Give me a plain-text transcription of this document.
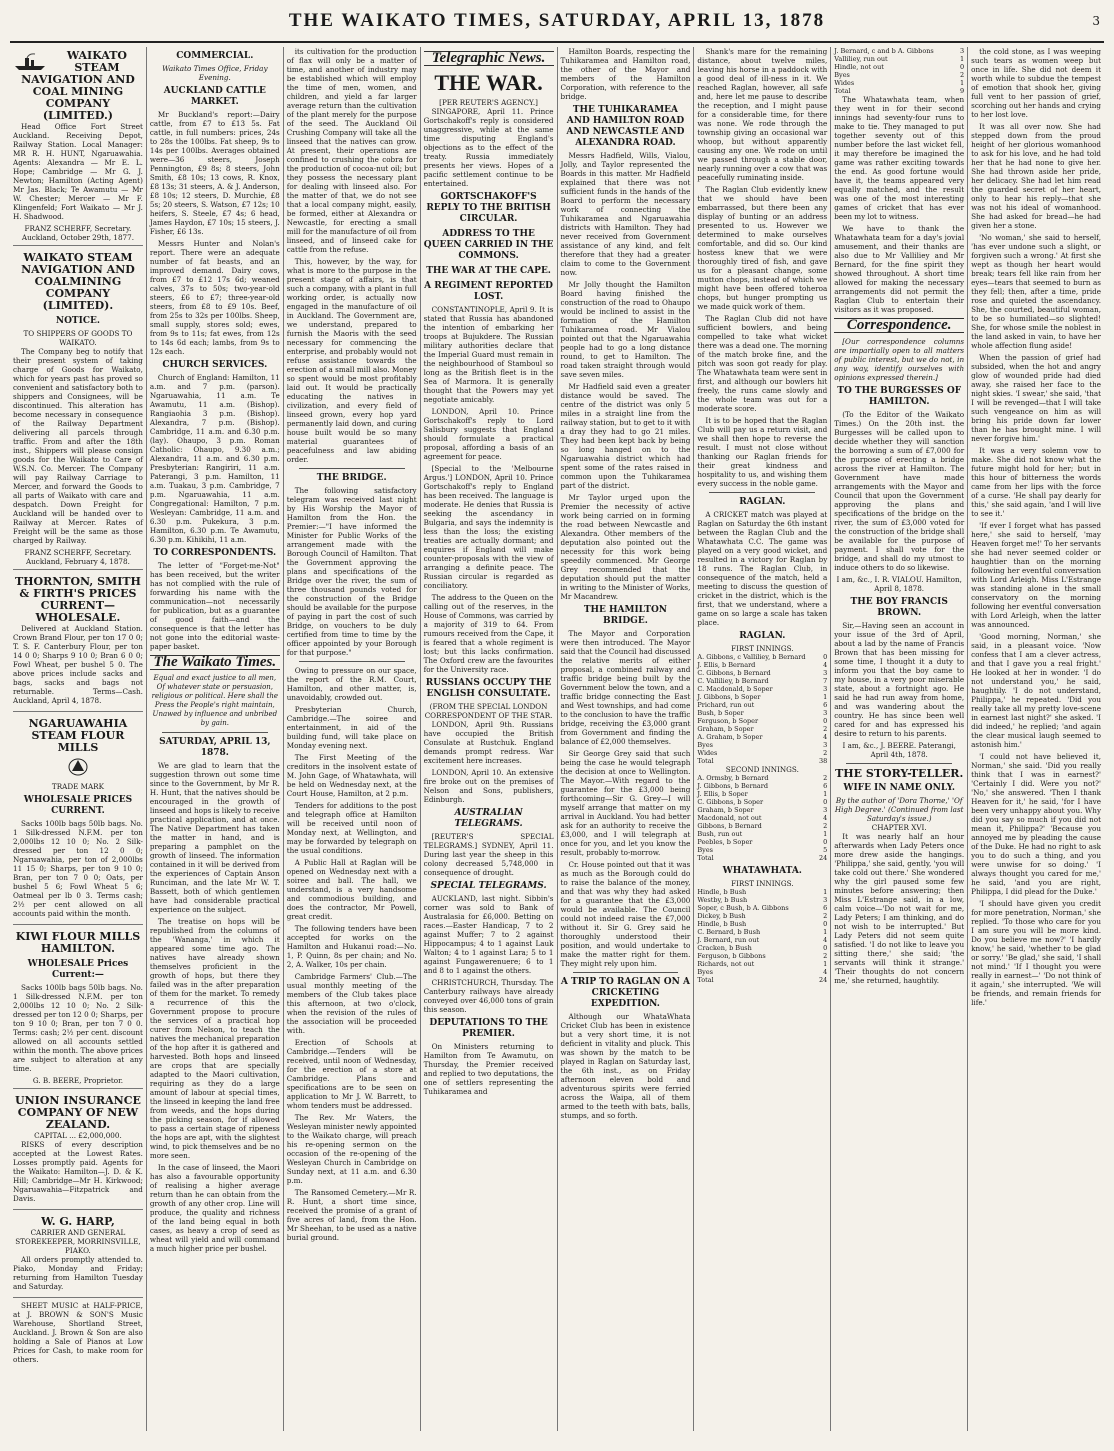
THE WAIKATO TIMES, SATURDAY, APRIL 13, 1878	3
WAIKATO STEAM NAVIGATION AND COAL MINING COMPANY (LIMITED.)

Head Office Fort Street Auckland. Receiving Depot, Railway Station. Local Manager: MR R. H. HUNT, Ngaruawahia. Agents: Alexandra — Mr E. L. Hope; Cambridge — Mr G. J. Newton; Hamilton (Acting Agent) Mr Jas. Black; Te Awamutu — Mr W. Chester; Mercer — Mr F. Klingenfeld; Fort Waikato — Mr J. H. Shadwood.

FRANZ SCHERFF, Secretary. Auckland, October 29th, 1877.
WAIKATO STEAM NAVIGATION AND COALMINING COMPANY (LIMITED).
NOTICE.
TO SHIPPERS OF GOODS TO WAIKATO.

The Company beg to notify that their present system of taking charge of Goods for Waikato, which for years past has proved so convenient and satisfactory both to shippers and Consignees, will be discontinued. This alteration has become necessary in consequence of the Railway Department delivering all parcels through traffic. From and after the 18th inst., Shippers will please consign goods for the Waikato to Care of W.S.N. Co. Mercer. The Company will pay Railway Carriage to Mercer, and forward the Goods to all parts of Waikato with care and despatch. Down Freight for Auckland will be handed over to Railway at Mercer. Rates of Freight will be the same as those charged by Railway.

FRANZ SCHERFF, Secretary. Auckland, February 4, 1878.
THORNTON, SMITH & FIRTH'S PRICES CURRENT—WHOLESALE.

Delivered at Auckland Station. Crown Brand Flour, per ton 17 0 0; T. S. F. Canterbury Flour, per ton 14 0 0; Sharps 9 10 0; Bran 6 0 0; Fowl Wheat, per bushel 5 0. The above prices include sacks and bags, sacks and bags not returnable. Terms—Cash. Auckland, April 4, 1878.

NGARUAWAHIA STEAM FLOUR MILLS
TRADE MARK
WHOLESALE PRICES CURRENT.

Sacks 100lb bags 50lb bags. No. 1 Silk-dressed N.F.M. per ton 2,000lbs 12 10 0; No. 2 Silk-dressed per ton 12 0 0; Ngaruawahia, per ton of 2,000lbs 11 15 0; Sharps, per ton 9 10 0; Bran, per ton 7 0 0; Oats, per bushel 5 6; Fowl Wheat 5 6; Oatmeal per lb 0 3. Terms cash; 2½ per cent allowed on all accounts paid within the month.

KIWI FLOUR MILLS HAMILTON.
WHOLESALE Prices Current:—

Sacks 100lb bags 50lb bags. No. 1 Silk-dressed N.F.M. per ton 2,000lbs 12 10 0; No. 2 Silk-dressed per ton 12 0 0; Sharps, per ton 9 10 0; Bran, per ton 7 0 0. Terms: cash; 2½ per cent. discount allowed on all accounts settled within the month. The above prices are subject to alteration at any time.

G. B. BEERE, Proprietor.
UNION INSURANCE COMPANY OF NEW ZEALAND.
CAPITAL ... £2,000,000.

RISKS of every description accepted at the Lowest Rates. Losses promptly paid. Agents for the Waikato: Hamilton—J. D. & K. Hill; Cambridge—Mr H. Kirkwood; Ngaruawahia—Fitzpatrick and Davis.

W. G. HARP,
CARRIER AND GENERAL STOREKEEPER, MORRINSVILLE, PIAKO.

All orders promptly attended to. Piako, Monday and Friday; returning from Hamilton Tuesday and Saturday.

SHEET MUSIC at HALF-PRICE, at J. BROWN & SON'S Music Warehouse, Shortland Street, Auckland. J. Brown & Son are also holding a Sale of Pianos at Low Prices for Cash, to make room for others.

COMMERCIAL.
Waikato Times Office, Friday Evening.
AUCKLAND CATTLE MARKET.

Mr Buckland's report:—Dairy cattle, from £7 to £13 5s. Fat cattle, in full numbers: prices, 24s to 28s the 100lbs. Fat sheep, 9s to 14s per 100lbs. Averages obtained were—36 steers, Joseph Pennington, £9 8s; 8 steers, John Smith, £8 10s; 13 cows, R. Knox, £8 13s; 31 steers, A. & J. Anderson, £8 10s; 12 steers, D. Murchie, £8 5s; 20 steers, S. Watson, £7 12s; 10 heifers, S. Steele, £7 4s; 6 head, James Haydon, £7 10s; 15 steers, J. Fisher, £6 13s.

Messrs Hunter and Nolan's report. There were an adequate number of fat beasts, and an improved demand. Dairy cows, from £7 to £12 17s 6d; weaned calves, 37s to 50s; two-year-old steers, £6 to £7; three-year-old steers, from £8 to £9 10s. Beef, from 25s to 32s per 100lbs. Sheep, small supply, stores sold; ewes, from 9s to 11s; fat ewes, from 12s to 14s 6d each; lambs, from 9s to 12s each.

CHURCH SERVICES.

Church of England: Hamilton, 11 a.m. and 7 p.m. (parson). Ngaruawahia, 11 a.m. Te Awamutu, 11 a.m. (Bishop). Rangiaohia 3 p.m. (Bishop). Alexandra, 7 p.m. (Bishop). Cambridge, 11 a.m. and 6.30 p.m. (lay). Ohaupo, 3 p.m. Roman Catholic: Ohaupo, 9.30 a.m.; Alexandra, 11 a.m. and 6.30 p.m. Presbyterian: Rangiriri, 11 a.m. Paterangi, 3 p.m. Hamilton, 11 a.m. Tuakau, 3 p.m. Cambridge, 7 p.m. Ngaruawahia, 11 a.m. Congregational: Hamilton, 7 p.m. Wesleyan: Cambridge, 11 a.m. and 6.30 p.m. Pukekura, 3 p.m. Hamilton, 6.30 p.m. Te Awamutu, 6.30 p.m. Kihikihi, 11 a.m.

TO CORRESPONDENTS.

The letter of "Forget-me-Not" has been received, but the writer has not complied with the rule of forwarding his name with the communication—not necessarily for publication, but as a guarantee of good faith—and the consequence is that the letter has not gone into the editorial waste-paper basket.

The Waikato Times.
Equal and exact justice to all men, Of whatever state or persuasion, religious or political. Here shall the Press the People's right maintain, Unawed by influence and unbribed by gain.
SATURDAY, APRIL 13, 1878.

We are glad to learn that the suggestion thrown out some time since to the Government, by Mr R. H. Hunt, that the natives should be encouraged in the growth of linseed and hops is likely to receive practical application, and at once. The Native Department has taken the matter in hand, and is preparing a pamphlet on the growth of linseed. The information contained in it will be derived from the experiences of Captain Anson Runciman, and the late Mr W. T. Bassett, both of which gentlemen have had considerable practical experience on the subject.

The treatise on hops will be republished from the columns of the 'Wananga,' in which it appeared some time ago. The natives have already shown themselves proficient in the growth of hops, but there they failed was in the after preparation of them for the market. To remedy a recurrence of this the Government propose to procure the services of a practical hop curer from Nelson, to teach the natives the mechanical preparation of the hop after it is gathered and harvested. Both hops and linseed are crops that are specially adapted to the Maori cultivation, requiring as they do a large amount of labour at special times, the linseed in keeping the land free from weeds, and the hops during the picking season, for if allowed to pass a certain stage of ripeness the hops are apt, with the slightest wind, to pick themselves and be no more seen.

In the case of linseed, the Maori has also a favourable opportunity of realising a higher average return than he can obtain from the growth of any other crop. Line will produce, the quality and richness of the land being equal in both cases, as heavy a crop of seed as wheat will yield and will command a much higher price per bushel.

its cultivation for the production of flax will only be a matter of time, and another of industry may be established which will employ the time of men, women, and children, and yield a far larger average return than the cultivation of the plant merely for the purpose of the seed. The Auckland Oil Crushing Company will take all the linseed that the natives can grow. At present, their operations are confined to crushing the cobra for the production of cocoa-nut oil; but they possess the necessary plant for dealing with linseed also. For the matter of that, we do not see that a local company might, easily, be formed, either at Alexandra or Newcastle, for erecting a small mill for the manufacture of oil from linseed, and of linseed cake for cattle from the refuse.

This, however, by the way, for what is more to the purpose in the present stage of affairs, is that such a company, with a plant in full working order, is actually now engaged in the manufacture of oil in Auckland. The Government are, we understand, prepared to furnish the Maoris with the seed necessary for commencing the enterprise, and probably would not refuse assistance towards the erection of a small mill also. Money so spent would be most profitably laid out. It would be practically educating the natives in civilization, and every field of linseed grown, every hop yard permanently laid down, and curing house built would be so many material guarantees of peacefulness and law abiding order.

THE BRIDGE.

The following satisfactory telegram was received last night by His Worship the Mayor of Hamilton from the Hon. the Premier:—"I have informed the Minister for Public Works of the arrangement made with the Borough Council of Hamilton. That the Government approving the plans and specifications of the Bridge over the river, the sum of three thousand pounds voted for the construction of the Bridge should be available for the purpose of paying in part the cost of such Bridge, on vouchers to be duly certified from time to time by the officer appointed by your Borough for that purpose."

Owing to pressure on our space, the report of the R.M. Court, Hamilton, and other matter, is, unavoidably, crowded out.

Presbyterian Church, Cambridge.—The soiree and entertainment, in aid of the building fund, will take place on Monday evening next.

The First Meeting of the creditors in the insolvent estate of M. John Gage, of Whatawhata, will be held on Wednesday next, at the Court House, Hamilton, at 2 p.m.

Tenders for additions to the post and telegraph office at Hamilton will be received until noon of Monday next, at Wellington, and may be forwarded by telegraph on the usual conditions.

A Public Hall at Raglan will be opened on Wednesday next with a soiree and ball. The hall, we understand, is a very handsome and commodious building, and does the contractor, Mr Powell, great credit.

The following tenders have been accepted for works on the Hamilton and Hukanui road:—No. 1, P. Quinn, 8s per chain; and No. 2, A. Walker, 10s per chain.

Cambridge Farmers' Club.—The usual monthly meeting of the members of the Club takes place this afternoon, at two o'clock, when the revision of the rules of the association will be proceeded with.

Erection of Schools at Cambridge.—Tenders will be received, until noon of Wednesday, for the erection of a store at Cambridge. Plans and specifications are to be seen on application to Mr J. W. Barrett, to whom tenders must be addressed.

The Rev. Mr Waters, the Wesleyan minister newly appointed to the Waikato charge, will preach his re-opening sermon on the occasion of the re-opening of the Wesleyan Church in Cambridge on Sunday next, at 11 a.m. and 6.30 p.m.

The Ransomed Cemetery.—Mr R. R. Hunt, a short time since, received the promise of a grant of five acres of land, from the Hon. Mr Sheehan, to be used as a native burial ground.

Telegraphic News.
THE WAR.
[PER REUTER'S AGENCY.]

SINGAPORE, April 11. Prince Gortschakoff's reply is considered unaggressive, while at the same time disputing England's objections as to the effect of the treaty. Russia immediately presents her views. Hopes of a pacific settlement continue to be entertained.

GORTSCHAKOFF'S REPLY TO THE BRITISH CIRCULAR.
ADDRESS TO THE QUEEN CARRIED IN THE COMMONS.
THE WAR AT THE CAPE.
A REGIMENT REPORTED LOST.

CONSTANTINOPLE, April 9. It is stated that Russia has abandoned the intention of embarking her troops at Bujukdere. The Russian military authorities declare that the Imperial Guard must remain in the neighbourhood of Stamboul so long as the British fleet is in the Sea of Marmora. It is generally thought that the Powers may yet negotiate amicably.

LONDON, April 10. Prince Gortschakoff's reply to Lord Salisbury suggests that England should formulate a practical proposal, affording a basis of an agreement for peace.

[Special to the 'Melbourne Argus.'] LONDON, April 10. Prince Gortschakoff's reply to England has been received. The language is moderate. He denies that Russia is seeking the ascendancy in Bulgaria, and says the indemnity is less than the loss; the existing treaties are actually dormant; and enquires if England will make counter-proposals with the view of arranging a definite peace. The Russian circular is regarded as conciliatory.

The address to the Queen on the calling out of the reserves, in the House of Commons, was carried by a majority of 319 to 64. From rumours received from the Cape, it is feared that a whole regiment is lost; but this lacks confirmation. The Oxford crew are the favourites for the University race.

RUSSIANS OCCUPY THE ENGLISH CONSULTATE.
(FROM THE SPECIAL LONDON CORRESPONDENT OF THE STAR.

LONDON, April 9th. Russians have occupied the British Consulate at Rustchuk. England demands prompt redress. War excitement here increases.

LONDON, April 10. An extensive fire broke out on the premises of Nelson and Sons, publishers, Edinburgh.

AUSTRALIAN TELEGRAMS.

[REUTER'S SPECIAL TELEGRAMS.] SYDNEY, April 11. During last year the sheep in this colony decreased 5,748,000 in consequence of drought.

SPECIAL TELEGRAMS.

AUCKLAND, last night. Sibbin's corner was sold to Bank of Australasia for £6,000. Betting on races.—Easter Handicap, 7 to 2 against Muffer; 7 to 2 against Hippocampus; 4 to 1 against Lauk Walton; 4 to 1 against Lara; 5 to 1 against Fungawerenuere; 6 to 1 and 8 to 1 against the others.

CHRISTCHURCH, Thursday. The Canterbury railways have already conveyed over 46,000 tons of grain this season.

DEPUTATIONS TO THE PREMIER.

On Ministers returning to Hamilton from Te Awamutu, on Thursday, the Premier received and replied to two deputations, the one of settlers representing the Tuhikaramea and

Hamilton Boards, respecting the Tuhikaramea and Hamilton road, the other of the Mayor and members of the Hamilton Corporation, with reference to the bridge.

THE TUHIKARAMEA AND HAMILTON ROAD AND NEWCASTLE AND ALEXANDRA ROAD.

Messrs Hadfield, Wills, Vialou, Jolly, and Taylor represented the Boards in this matter. Mr Hadfield explained that there was not sufficient funds in the hands of the Board to perform the necessary work of connecting the Tuhikaramea and Ngaruawahia districts with Hamilton. They had never received from Government assistance of any kind, and felt therefore that they had a greater claim to come to the Government now.

Mr Jolly thought the Hamilton Board having finished the construction of the road to Ohaupo would be inclined to assist in the formation of the Hamilton Tuhikaramea road. Mr Vialou pointed out that the Ngaruawahia people had to go a long distance round, to get to Hamilton. The road taken straight through would save seven miles.

Mr Hadfield said even a greater distance would be saved. The centre of the district was only 5 miles in a straight line from the railway station, but to get to it with a dray they had to go 21 miles. They had been kept back by being so long hanged on to the Ngaruawahia district which had spent some of the rates raised in common upon the Tuhikaramea part of the district.

Mr Taylor urged upon the Premier the necessity of active work being carried on in forming the road between Newcastle and Alexandra. Other members of the deputation also pointed out the necessity for this work being speedily commenced. Mr George Grey recommended that the deputation should put the matter in writing to the Minister of Works, Mr Macandrew.

THE HAMILTON BRIDGE.

The Mayor and Corporation were then introduced. The Mayor said that the Council had discussed the relative merits of either proposal, a combined railway and traffic bridge being built by the Government below the town, and a traffic bridge connecting the East and West townships, and had come to the conclusion to have the traffic bridge, receiving the £3,000 grant from Government and finding the balance of £2,000 themselves.

Sir George Grey said that such being the case he would telegraph the decision at once to Wellington. The Mayor.—With regard to the guarantee for the £3,000 being forthcoming—Sir G. Grey—I will myself arrange that matter on my arrival in Auckland. You had better ask for an authority to receive the £3,000, and I will telegraph at once for you, and let you know the result, probably to-morrow.

Cr. House pointed out that it was as much as the Borough could do to raise the balance of the money, and that was why they had asked for a guarantee that the £3,000 would be available. The Council could not indeed raise the £7,000 without it. Sir G. Grey said he thoroughly understood their position, and would undertake to make the matter right for them. They might rely upon him.

A TRIP TO RAGLAN ON A CRICKETING EXPEDITION.

Although our WhataWhata Cricket Club has been in existence but a very short time, it is not deficient in vitality and pluck. This was shown by the match to be played in Raglan on Saturday last, the 6th inst., as on Friday afternoon eleven bold and adventurous spirits were ferried across the Waipa, all of them armed to the teeth with bats, balls, stumps, and so forth.

Shank's mare for the remaining distance, about twelve miles, leaving his horse in a paddock with a good deal of ill-ness in it. We reached Raglan, however, all safe and, here let me pause to describe the reception, and I might pause for a considerable time, for there was none. We rode through the township giving an occasional war whoop, but without apparently causing any one. We rode on until we passed through a stable door, nearly running over a cow that was peacefully ruminating inside.

The Raglan Club evidently knew that we should have been embarrassed, but there been any display of bunting or an address presented to us. However we determined to make ourselves comfortable, and did so. Our kind hostess knew that we were thoroughly tired of fish, and gave us for a pleasant change, some mutton chops, instead of which we might have been offered toheroa chops, but hunger prompting us we made quick work of them.

The Raglan Club did not have sufficient bowlers, and being compelled to take what wicket there was a dead one. The morning of the match broke fine, and the pitch was soon got ready for play. The Whatawhata team were sent in first, and although our bowlers hit freely, the runs came slowly and the whole team was out for a moderate score.

It is to be hoped that the Raglan Club will pay us a return visit, and we shall then hope to reverse the result. I must not close without thanking our Raglan friends for their great kindness and hospitality to us, and wishing them every success in the noble game.

RAGLAN.

A CRICKET match was played at Raglan on Saturday the 6th instant between the Raglan Club and the Whatawhata C.C. The game was played on a very good wicket, and resulted in a victory for Raglan by 18 runs. The Raglan Club, in consequence of the match, held a meeting to discuss the question of cricket in the district, which is the first, that we understand, where a game on so large a scale has taken place.

RAGLAN.
FIRST INNINGS.
A. Gibbons, c Valliliey, b Bernard	0
J. Ellis, b Bernard	4
C. Gibbons, b Bernard	3
C. Valliliey, b Bernard	7
C. Macdonald, b Soper	3
J. Gibbons, b Soper	1
Prichard, run out	6
Bush, b Soper	3
Ferguson, b Soper	0
Graham, b Soper	2
A. Graham, b Soper	4
Byes	3
Wides	2
Total	38
SECOND INNINGS.
A. Ormsby, b Bernard	2
J. Gibbons, b Bernard	6
J. Ellis, b Soper	1
C. Gibbons, b Soper	0
Graham, b Soper	3
Macdonald, not out	4
Gibbons, b Bernard	2
Bush, run out	1
Peebles, b Soper	0
Byes	5
Total	24
WHATAWHATA.
FIRST INNINGS.
Hindle, b Bush	1
Westby, b Bush	3
Soper, c Bush, b A. Gibbons	6
Dickey, b Bush	2
Hindle, b Bush	0
C. Bernard, b Bush	1
J. Bernard, run out	4
Cracken, b Bush	0
Ferguson, b Gibbons	2
Richards, not out	1
Byes	4
Total	24
J. Bernard, c and b A. Gibbons	3
Valliliey, run out	1
Hindle, not out	0
Byes	2
Wides	1
Total	9

The Whatawhata team, when they went in for their second innings had seventy-four runs to make to tie. They managed to put together seventy out of this number before the last wicket fell, it may therefore be imagined the game was rather exciting towards the end. As good fortune would have it, the teams appeared very equally matched, and the result was one of the most interesting games of cricket that has ever been my lot to witness.

We have to thank the Whatawhata team for a day's jovial amusement, and their thanks are also due to Mr Valliliey and Mr Bernard, for the fine spirit they showed throughout. A short time allowed for making the necessary arrangements did not permit the Raglan Club to entertain their visitors as it was proposed.

Correspondence.

[Our correspondence columns are impartially open to all matters of public interest, but we do not, in any way, identify ourselves with opinions expressed therein.]

TO THE BURGESSES OF HAMILTON.

(To the Editor of the Waikato Times.) On the 20th inst. the Burgesses will be called upon to decide whether they will sanction the borrowing a sum of £7,000 for the purpose of erecting a bridge across the river at Hamilton. The Government have made arrangements with the Mayor and Council that upon the Government approving the plans and specifications of the bridge on the river, the sum of £3,000 voted for the construction of the bridge shall be available for the purpose of payment. I shall vote for the bridge, and shall do my utmost to induce others to do so likewise.

I am, &c., I. R. VIALOU. Hamilton, April 8, 1878.
THE BOY FRANCIS BROWN.

Sir,—Having seen an account in your issue of the 3rd of April, about a lad by the name of Francis Brown that has been missing for some time, I thought it a duty to inform you that the boy came to my house, in a very poor miserable state, about a fortnight ago. He said he had run away from home, and was wandering about the country. He has since been well cared for and has expressed his desire to return to his parents.

I am, &c., J. BEERE. Paterangi, April 4th, 1878.
THE STORY-TELLER.
WIFE IN NAME ONLY.
By the author of 'Dora Thorne,' 'Of High Degree.' (Continued from last Saturday's issue.)
CHAPTER XVI.

It was nearly half an hour afterwards when Lady Peters once more drew aside the hangings. 'Philippa,' she said, gently, 'you will take cold out there.' She wondered why the girl paused some few minutes before answering; then Miss L'Estrange said, in a low, calm voice—'Do not wait for me, Lady Peters; I am thinking, and do not wish to be interrupted.' But Lady Peters did not seem quite satisfied. 'I do not like to leave you sitting there,' she said; 'the servants will think it strange.' 'Their thoughts do not concern me,' she returned, haughtily.

the cold stone, as I was weeping such tears as women weep but once in life. She did not deem it worth while to subdue the tempest of emotion that shook her, giving full vent to her passion of grief, scorching out her hands and crying to her lost love.

It was all over now. She had stepped down from the proud height of her glorious womanhood to ask for his love, and he had told her that he had none to give her. She had thrown aside her pride, her delicacy. She had let him read the guarded secret of her heart, only to hear his reply—that she was not his ideal of womanhood. She had asked for bread—he had given her a stone.

'No woman,' she said to herself, 'has ever undone such a slight, or forgiven such a wrong.' At first she wept as though her heart would break; tears fell like rain from her eyes—tears that seemed to burn as they fell; then, after a time, pride rose and quieted the ascendancy. She, the courted, beautiful woman, to be so humiliated—so slighted! She, for whose smile the noblest in the land asked in vain, to have her whole affection flung aside!

When the passion of grief had subsided, when the hot and angry glow of wounded pride had died away, she raised her face to the night skies. 'I swear,' she said, 'that I will be revenged—that I will take such vengeance on him as will bring his pride down far lower than he has brought mine. I will never forgive him.'

It was a very solemn vow to make. She did not know what the future might hold for her; but in this hour of bitterness the words came from her lips with the force of a curse. 'He shall pay dearly for this,' she said again, 'and I will live to see it.'

'If ever I forget what has passed here,' she said to herself, 'may Heaven forget me!' To her servants she had never seemed colder or haughtier than on the morning following her eventful conversation with Lord Arleigh. Miss L'Estrange was standing alone in the small conservatory on the morning following her eventful conversation with Lord Arleigh, when the latter was announced.

'Good morning, Norman,' she said, in a pleasant voice. 'Now confess that I am a clever actress, and that I gave you a real fright.' He looked at her in wonder. 'I do not understand you,' he said, haughtily. 'I do not understand, Philippa,' he repeated. 'Did you really take all my pretty love-scene in earnest last night?' she asked. 'I did indeed,' he replied; 'and again the clear musical laugh seemed to astonish him.'

'I could not have believed it, Norman,' she said. 'Did you really think that I was in earnest?' 'Certainly I did. Were you not?' 'No,' she answered. 'Then I thank Heaven for it,' he said, 'for I have been very unhappy about you. Why did you say so much if you did not mean it, Philippa?' 'Because you annoyed me by pleading the cause of the Duke. He had no right to ask you to do such a thing, and you were unwise for so doing.' 'I always thought you cared for me,' he said, 'and you are right, Philippa, I did plead for the Duke.'

'I should have given you credit for more penetration, Norman,' she replied. 'To those who care for you I am sure you will be more kind. Do you believe me now?' 'I hardly know,' he said, 'whether to be glad or sorry.' 'Be glad,' she said, 'I shall not mind.' 'If I thought you were really in earnest—' 'Do not think of it again,' she interrupted. 'We will be friends, and remain friends for life.'
